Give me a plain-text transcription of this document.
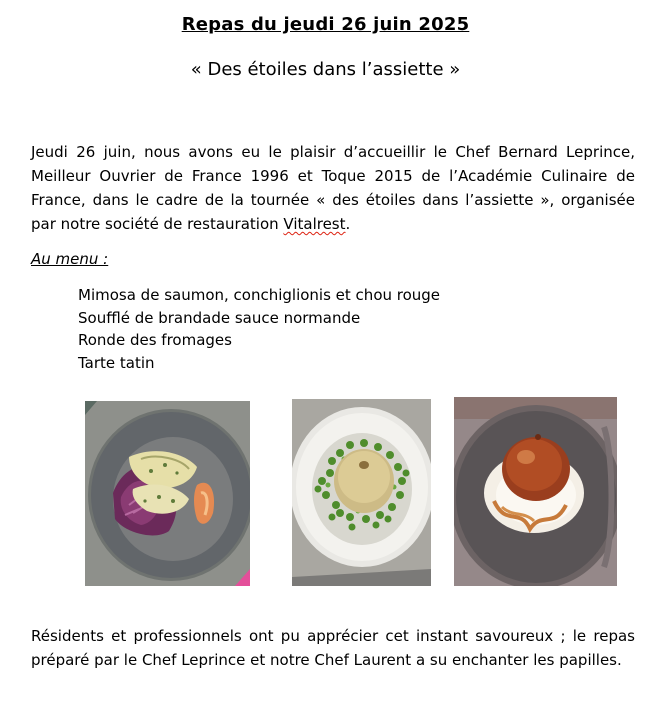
Repas du jeudi 26 juin 2025
« Des étoiles dans l’assiette »

Jeudi 26 juin, nous avons eu le plaisir d’accueillir le Chef Bernard Leprince, Meilleur Ouvrier de France 1996 et Toque 2015 de l’Académie Culinaire de France, dans le cadre de la tournée « des étoiles dans l’assiette », organisée par notre société de restauration Vitalrest.

Au menu :
Mimosa de saumon, conchiglionis et chou rouge
Soufflé de brandade sauce normande
Ronde des fromages
Tarte tatin

Résidents et professionnels ont pu apprécier cet instant savoureux ; le repas préparé par le Chef Leprince et notre Chef Laurent a su enchanter les papilles.
